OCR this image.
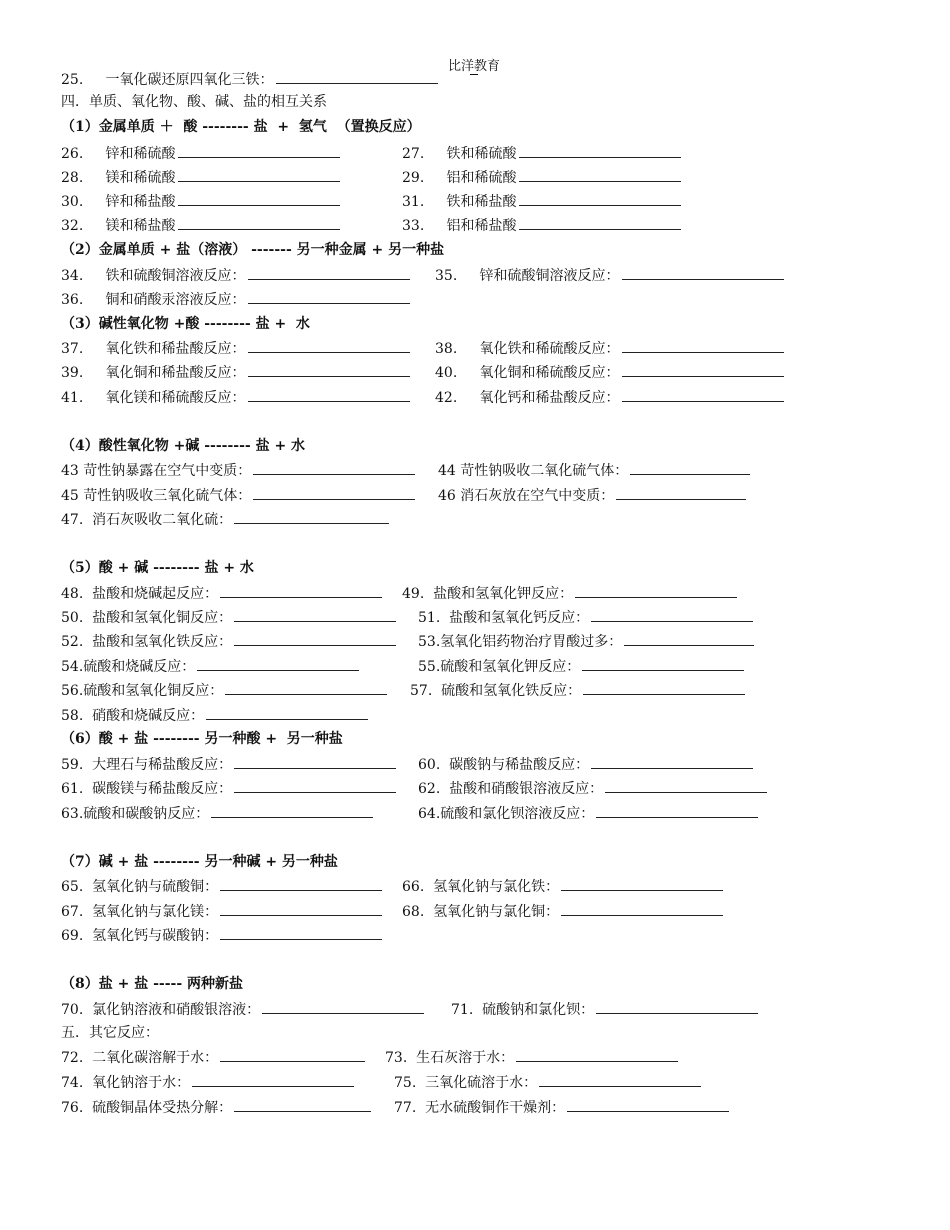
比洋教育
25.     一氧化碳还原四氧化三铁：
四．单质、氧化物、酸、碱、盐的相互关系
（1）金属单质 ＋  酸 -------- 盐  +  氢气  （置换反应）
26.     锌和稀硫酸	27.     铁和稀硫酸
28.     镁和稀硫酸	29.     铝和稀硫酸
30.     锌和稀盐酸	31.     铁和稀盐酸
32.     镁和稀盐酸	33.     铝和稀盐酸
（2）金属单质 + 盐（溶液） ------- 另一种金属 + 另一种盐
34.     铁和硫酸铜溶液反应：	35.     锌和硫酸铜溶液反应：
36.     铜和硝酸汞溶液反应：
（3）碱性氧化物 +酸 -------- 盐 +  水
37.     氧化铁和稀盐酸反应：	38.     氧化铁和稀硫酸反应：
39.     氧化铜和稀盐酸反应：	40.     氧化铜和稀硫酸反应：
41.     氧化镁和稀硫酸反应：	42.     氧化钙和稀盐酸反应：
（4）酸性氧化物 +碱 -------- 盐 + 水
43 苛性钠暴露在空气中变质：	44 苛性钠吸收二氧化硫气体：
45 苛性钠吸收三氧化硫气体：	46 消石灰放在空气中变质：
47.  消石灰吸收二氧化硫：
（5）酸 + 碱 -------- 盐 + 水
48.  盐酸和烧碱起反应：	49.  盐酸和氢氧化钾反应：
50.  盐酸和氢氧化铜反应：	51.  盐酸和氢氧化钙反应：
52.  盐酸和氢氧化铁反应：	53.氢氧化铝药物治疗胃酸过多：
54.硫酸和烧碱反应：	55.硫酸和氢氧化钾反应：
56.硫酸和氢氧化铜反应：	57.  硫酸和氢氧化铁反应：
58.  硝酸和烧碱反应：
（6）酸 + 盐 -------- 另一种酸 +  另一种盐
59.  大理石与稀盐酸反应：	60.  碳酸钠与稀盐酸反应：
61.  碳酸镁与稀盐酸反应：	62.  盐酸和硝酸银溶液反应：
63.硫酸和碳酸钠反应：	64.硫酸和氯化钡溶液反应：
（7）碱 + 盐 -------- 另一种碱 + 另一种盐
65.  氢氧化钠与硫酸铜：	66.  氢氧化钠与氯化铁：
67.  氢氧化钠与氯化镁：	68.  氢氧化钠与氯化铜：
69.  氢氧化钙与碳酸钠：
（8）盐 + 盐 ----- 两种新盐
70.  氯化钠溶液和硝酸银溶液：	71.  硫酸钠和氯化钡：
五．其它反应：
72.  二氧化碳溶解于水：	73.  生石灰溶于水：
74.  氧化钠溶于水：	75.  三氧化硫溶于水：
76.  硫酸铜晶体受热分解：	77.  无水硫酸铜作干燥剂：
